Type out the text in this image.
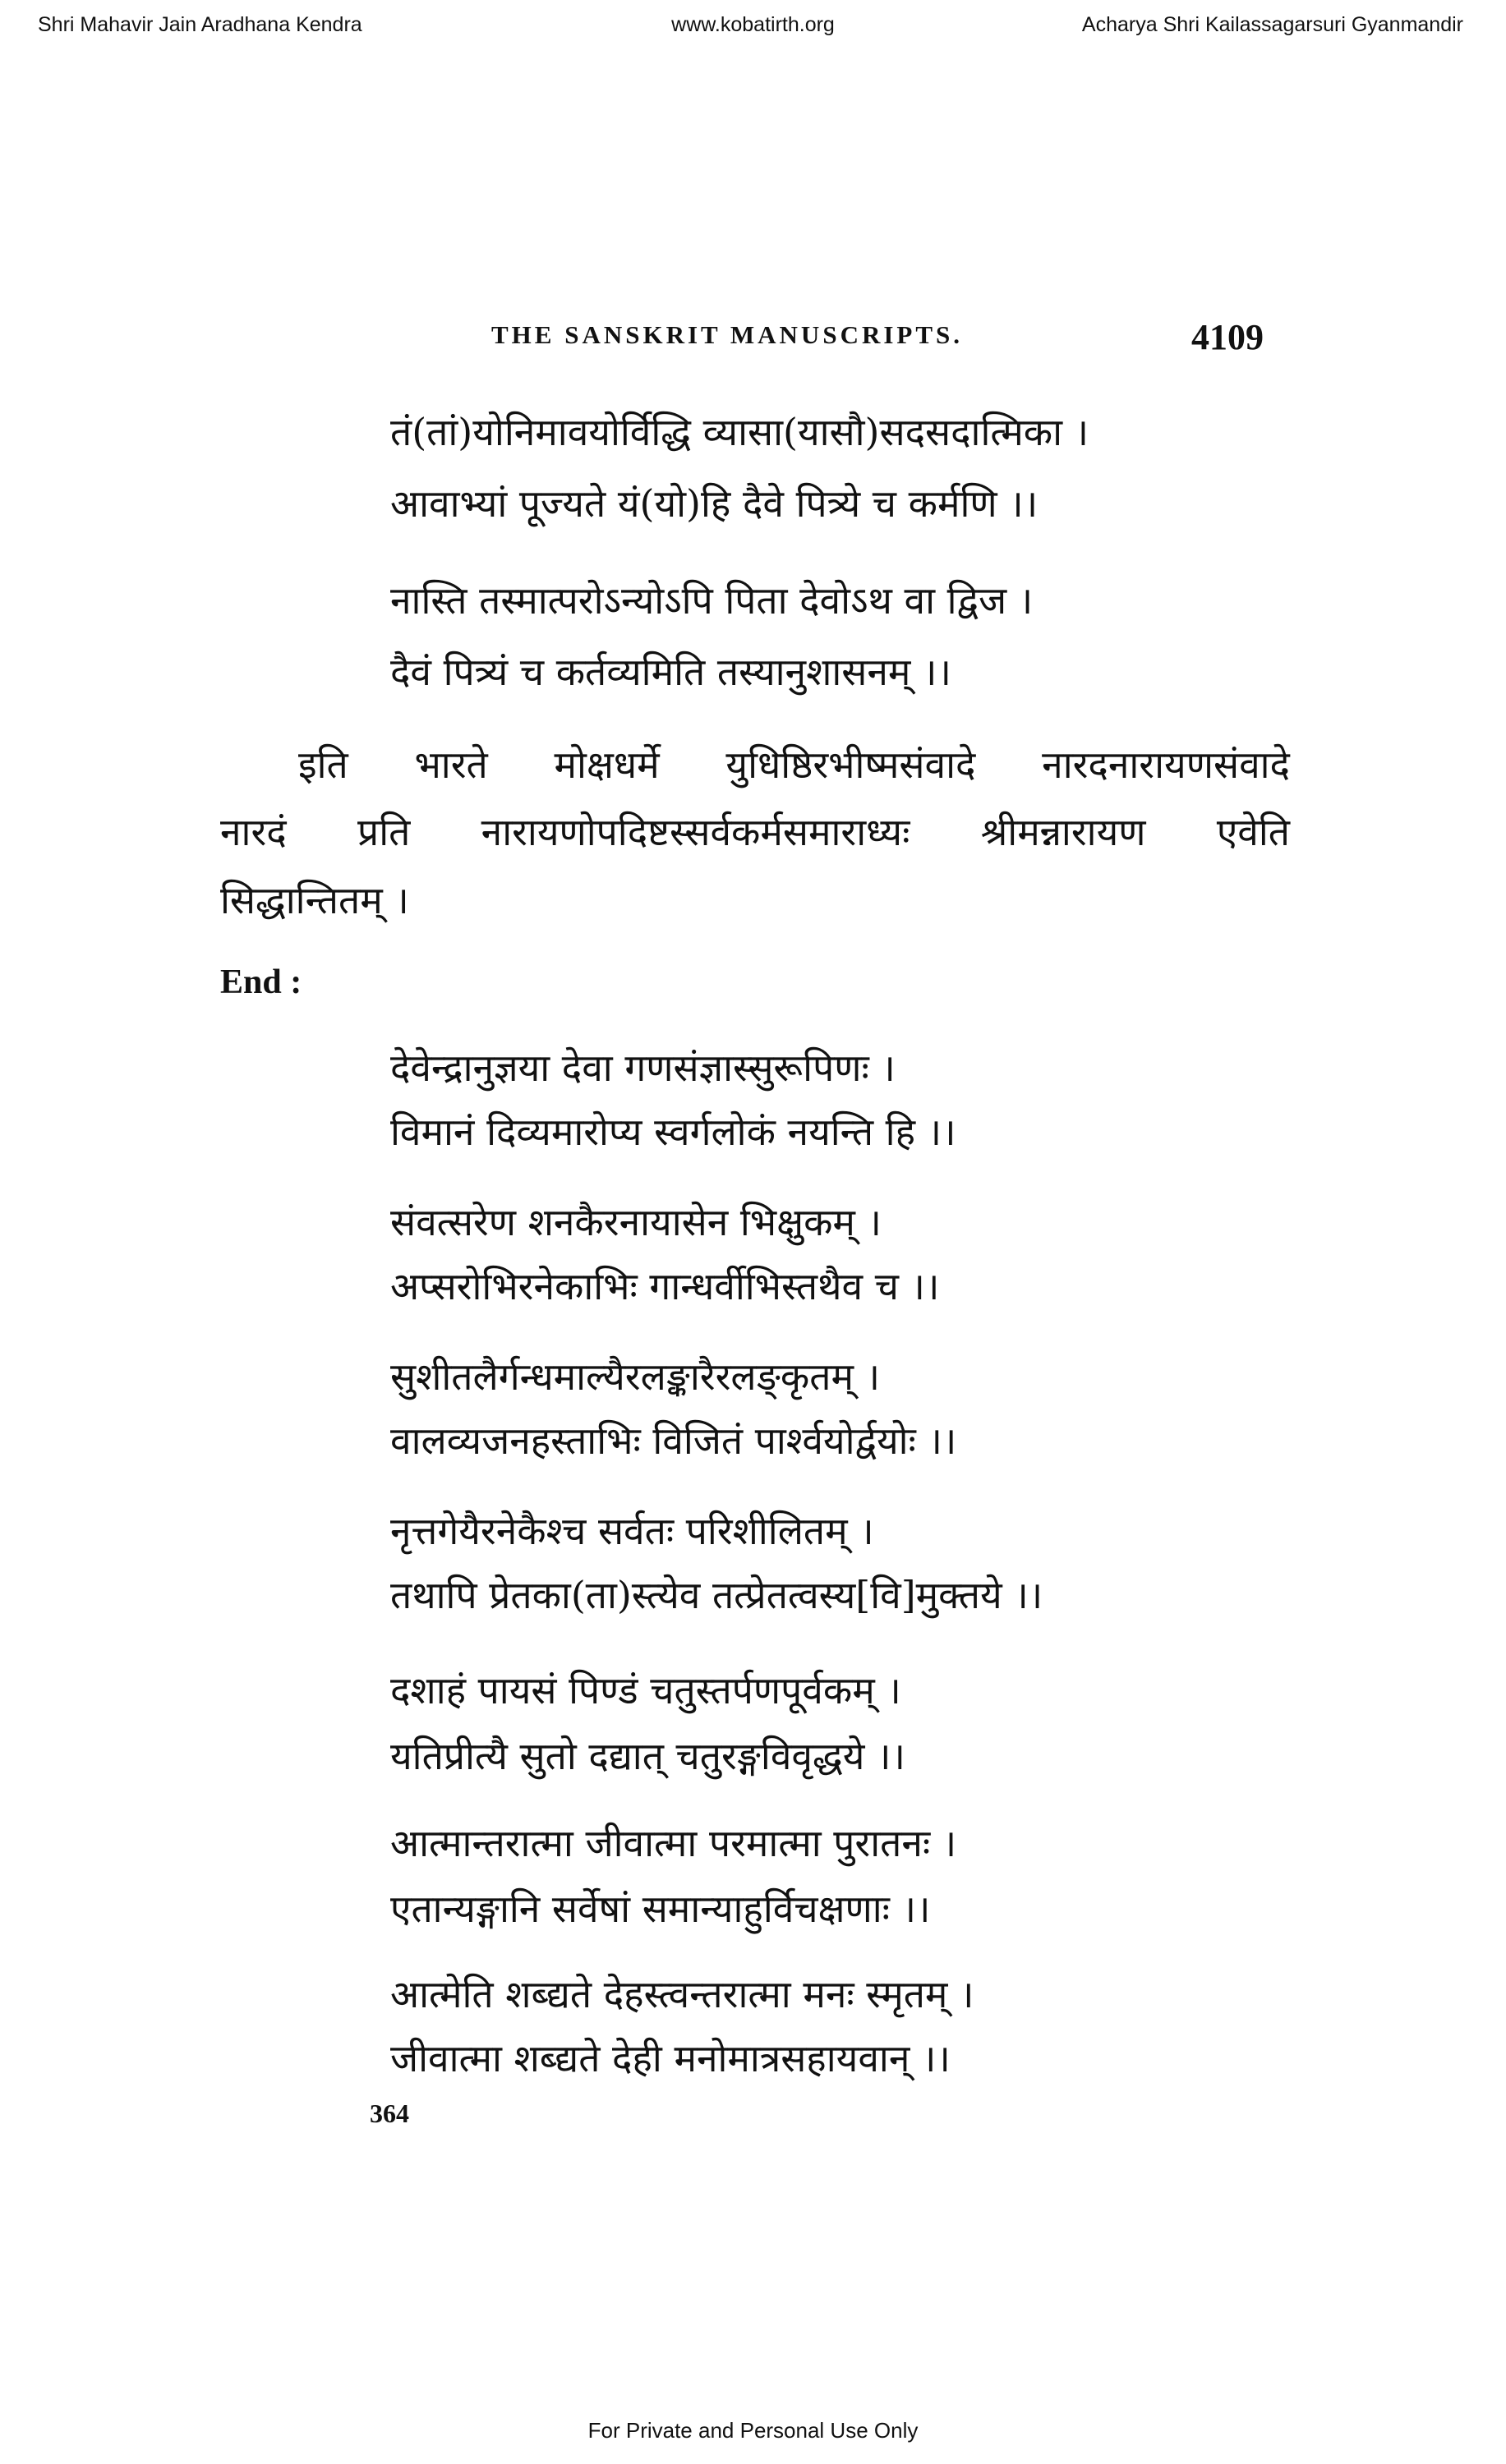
Shri Mahavir Jain Aradhana Kendra	www.kobatirth.org	Acharya Shri Kailassagarsuri Gyanmandir
THE SANSKRIT MANUSCRIPTS.	4109
तं(तां)योनिमावयोर्विद्धि व्यासा(यासौ)सदसदात्मिका ।
आवाभ्यां पूज्यते यं(यो)हि दैवे पित्र्ये च कर्मणि ।।
नास्ति तस्मात्परोऽन्योऽपि पिता देवोऽथ वा द्विज ।
दैवं पित्र्यं च कर्तव्यमिति तस्यानुशासनम् ।।
इति भारते मोक्षधर्मे युधिष्ठिरभीष्मसंवादे नारदनारायणसंवादे
नारदं प्रति नारायणोपदिष्टस्सर्वकर्मसमाराध्यः श्रीमन्नारायण एवेति
सिद्धान्तितम् ।
End :
देवेन्द्रानुज्ञया देवा गणसंज्ञास्सुरूपिणः ।
विमानं दिव्यमारोप्य स्वर्गलोकं नयन्ति हि ।।
संवत्सरेण शनकैरनायासेन भिक्षुकम् ।
अप्सरोभिरनेकाभिः गान्धर्वीभिस्तथैव च ।।
सुशीतलैर्गन्धमाल्यैरलङ्कारैरलङ्कृतम् ।
वालव्यजनहस्ताभिः विजितं पार्श्वयोर्द्वयोः ।।
नृत्तगेयैरनेकैश्च सर्वतः परिशीलितम् ।
तथापि प्रेतका(ता)स्त्येव तत्प्रेतत्वस्य[वि]मुक्तये ।।
दशाहं पायसं पिण्डं चतुस्तर्पणपूर्वकम् ।
यतिप्रीत्यै सुतो दद्यात् चतुरङ्गविवृद्धये ।।
आत्मान्तरात्मा जीवात्मा परमात्मा पुरातनः ।
एतान्यङ्गानि सर्वेषां समान्याहुर्विचक्षणाः ।।
आत्मेति शब्द्यते देहस्त्वन्तरात्मा मनः स्मृतम् ।
जीवात्मा शब्द्यते देही मनोमात्रसहायवान् ।।
364
For Private and Personal Use Only
